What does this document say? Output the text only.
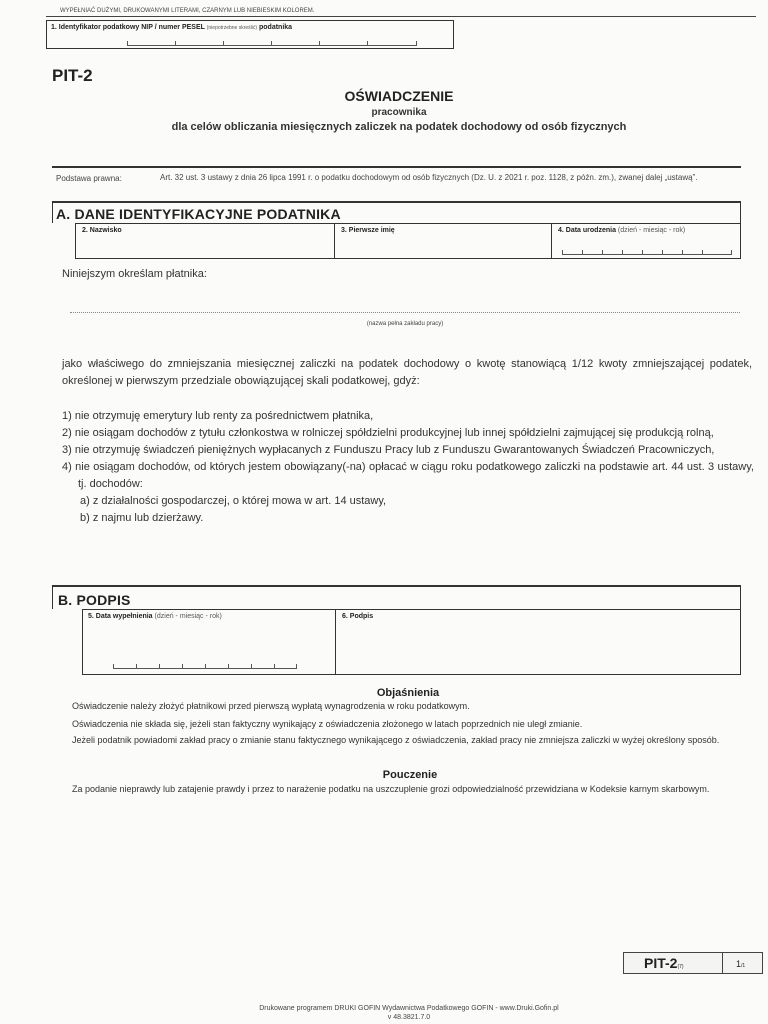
WYPEŁNIAĆ DUŻYMI, DRUKOWANYMI LITERAMI, CZARNYM LUB NIEBIESKIM KOLOREM.
1. Identyfikator podatkowy NIP / numer PESEL (niepotrzebne skreślić) podatnika
PIT-2
OŚWIADCZENIE
pracownika
dla celów obliczania miesięcznych zaliczek na podatek dochodowy od osób fizycznych
Podstawa prawna:	Art. 32 ust. 3 ustawy z dnia 26 lipca 1991 r. o podatku dochodowym od osób fizycznych (Dz. U. z 2021 r. poz. 1128, z późn. zm.), zwanej dalej „ustawą”.
A. DANE IDENTYFIKACYJNE PODATNIKA
2. Nazwisko	3. Pierwsze imię	4. Data urodzenia (dzień - miesiąc - rok)
Niniejszym określam płatnika:
(nazwa pełna zakładu pracy)
jako właściwego do zmniejszania miesięcznej zaliczki na podatek dochodowy o kwotę stanowiącą 1/12 kwoty zmniejszającej podatek, określonej w pierwszym przedziale obowiązującej skali podatkowej, gdyż:
1) nie otrzymuję emerytury lub renty za pośrednictwem płatnika,
2) nie osiągam dochodów z tytułu członkostwa w rolniczej spółdzielni produkcyjnej lub innej spółdzielni zajmującej się produkcją rolną,
3) nie otrzymuję świadczeń pieniężnych wypłacanych z Funduszu Pracy lub z Funduszu Gwarantowanych Świadczeń Pracowniczych,
4) nie osiągam dochodów, od których jestem obowiązany(-na) opłacać w ciągu roku podatkowego zaliczki na podstawie art. 44 ust. 3 ustawy, tj. dochodów:
a) z działalności gospodarczej, o której mowa w art. 14 ustawy,
b) z najmu lub dzierżawy.
B. PODPIS
5. Data wypełnienia (dzień - miesiąc - rok)	6. Podpis
Objaśnienia
Oświadczenie należy złożyć płatnikowi przed pierwszą wypłatą wynagrodzenia w roku podatkowym.
Oświadczenia nie składa się, jeżeli stan faktyczny wynikający z oświadczenia złożonego w latach poprzednich nie uległ zmianie.
Jeżeli podatnik powiadomi zakład pracy o zmianie stanu faktycznego wynikającego z oświadczenia, zakład pracy nie zmniejsza zaliczki w wyżej określony sposób.
Pouczenie
Za podanie nieprawdy lub zatajenie prawdy i przez to narażenie podatku na uszczuplenie grozi odpowiedzialność przewidziana w Kodeksie karnym skarbowym.
PIT-2(7)	1/1
Drukowane programem DRUKI GOFIN Wydawnictwa Podatkowego GOFIN - www.Druki.Gofin.pl
v 48.3821.7.0
